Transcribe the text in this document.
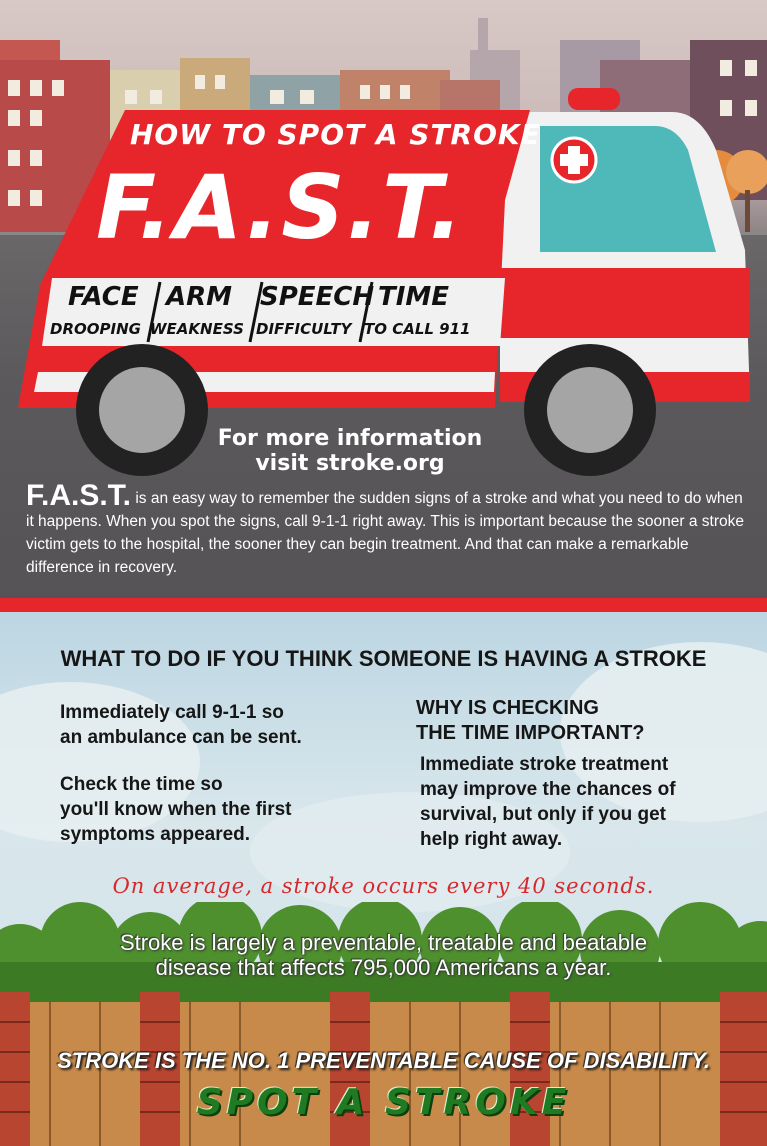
HOW TO SPOT A STROKE
F.A.S.T.
FACE
DROOPING
ARM
WEAKNESS
SPEECH
DIFFICULTY
TIME
TO CALL 911
For more information
visit stroke.org
F.A.S.T. is an easy way to remember the sudden signs of a stroke and what you need to do when it happens. When you spot the signs, call 9-1-1 right away. This is important because the sooner a stroke victim gets to the hospital, the sooner they can begin treatment. And that can make a remarkable difference in recovery.
WHAT TO DO IF YOU THINK SOMEONE IS HAVING A STROKE
Immediately call 9-1-1 so
an ambulance can be sent.
Check the time so
you'll know when the first
symptoms appeared.
WHY IS CHECKING
THE TIME IMPORTANT?
Immediate stroke treatment
may improve the chances of
survival, but only if you get
help right away.
On average, a stroke occurs every 40 seconds.
Stroke is largely a preventable, treatable and beatable
disease that affects 795,000 Americans a year.
STROKE IS THE NO. 1 PREVENTABLE CAUSE OF DISABILITY.
SPOT A STROKE
